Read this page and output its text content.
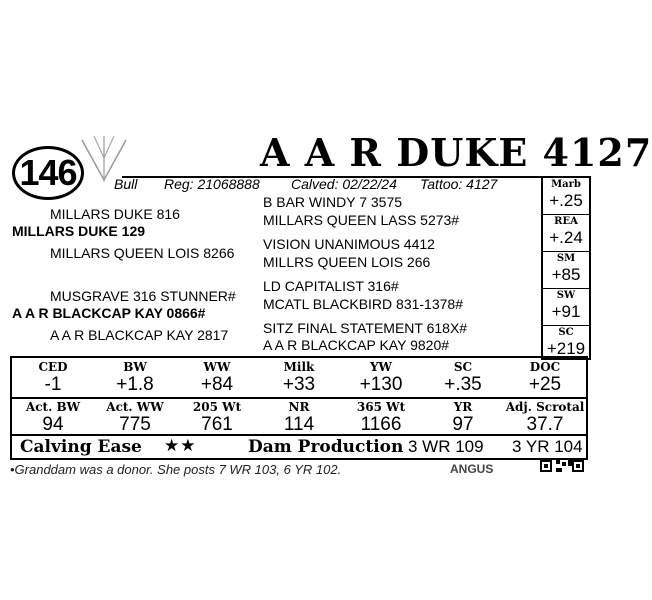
146	A A R DUKE 4127
Bull Reg: 21068888 Calved: 02/22/24 Tattoo: 4127
MILLARS DUKE 816
MILLARS DUKE 129
MILLARS QUEEN LOIS 8266
B BAR WINDY 7 3575
MILLARS QUEEN LASS 5273#
VISION UNANIMOUS 4412
MILLRS QUEEN LOIS 266
MUSGRAVE 316 STUNNER#
A A R BLACKCAP KAY 0866#
A A R BLACKCAP KAY 2817
LD CAPITALIST 316#
MCATL BLACKBIRD 831-1378#
SITZ FINAL STATEMENT 618X#
A A R BLACKCAP KAY 9820#
Marb
+.25
REA
+.24
SM
+85
SW
+91
SC
+219
CED	BW	WW	Milk	YW	SC	DOC
-1	+1.8	+84	+33	+130	+.35	+25
Act. BW	Act. WW	205 Wt	NR	365 Wt	YR	Adj. Scrotal
94	775	761	114	1166	97	37.7
Calving Ease ★★	Dam Production 3 WR 109 3 YR 104
•Granddam was a donor. She posts 7 WR 103, 6 YR 102.	ANGUS
